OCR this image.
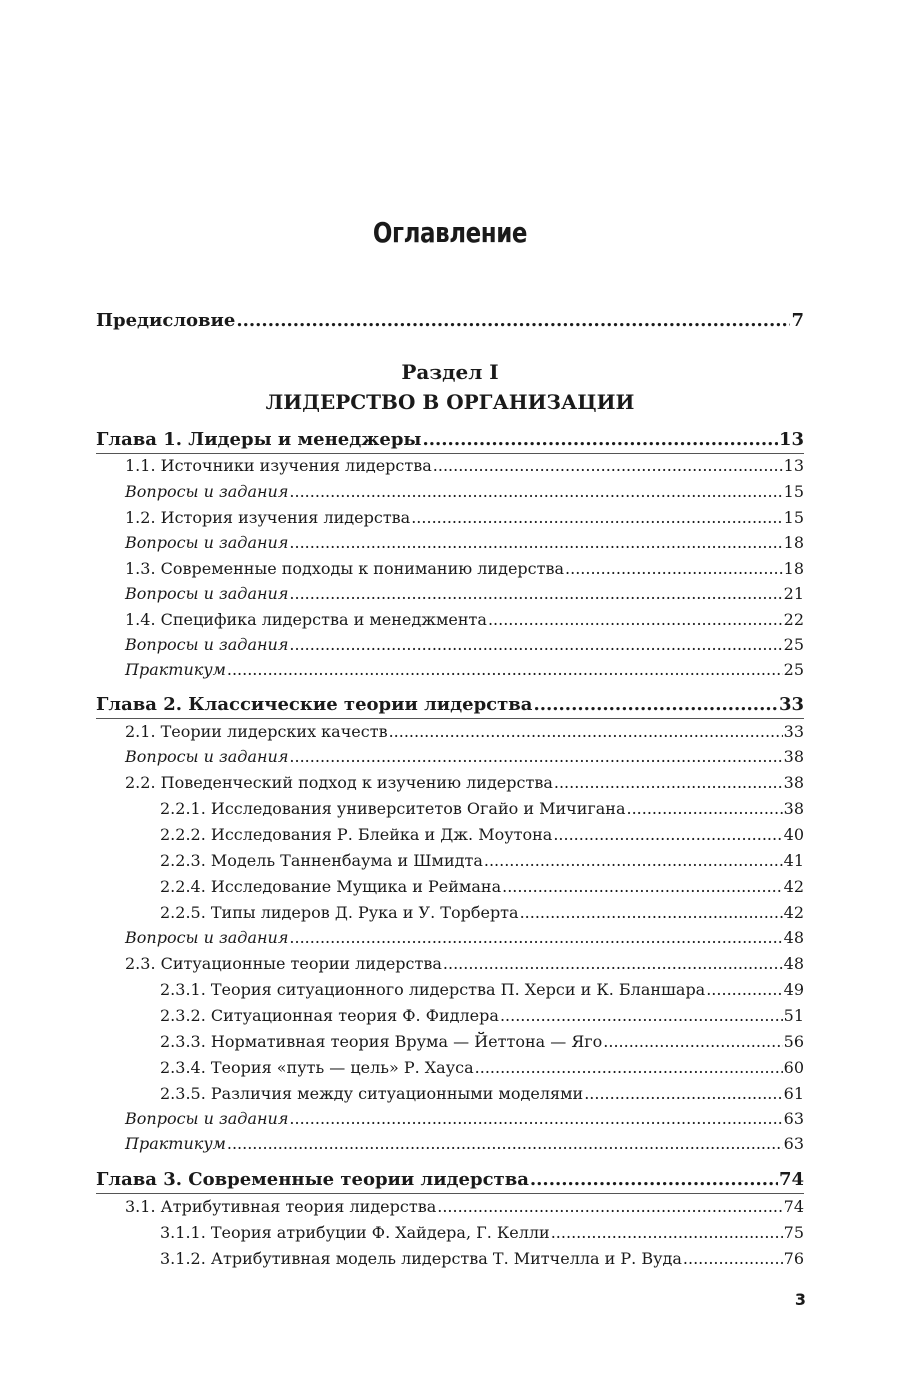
Оглавление
Предисловие .....	7
Раздел I
ЛИДЕРСТВО В ОРГАНИЗАЦИИ
Глава 1. Лидеры и менеджеры .....	13
1.1. Источники изучения лидерства .....	13
Вопросы и задания .....	15
1.2. История изучения лидерства .....	15
Вопросы и задания .....	18
1.3. Современные подходы к пониманию лидерства .....	18
Вопросы и задания .....	21
1.4. Специфика лидерства и менеджмента .....	22
Вопросы и задания .....	25
Практикум .....	25
Глава 2. Классические теории лидерства .....	33
2.1. Теории лидерских качеств .....	33
Вопросы и задания .....	38
2.2. Поведенческий подход к изучению лидерства .....	38
2.2.1. Исследования университетов Огайо и Мичигана .....	38
2.2.2. Исследования Р. Блейка и Дж. Моутона .....	40
2.2.3. Модель Танненбаума и Шмидта .....	41
2.2.4. Исследование Мущика и Реймана .....	42
2.2.5. Типы лидеров Д. Рука и У. Торберта .....	42
Вопросы и задания .....	48
2.3. Ситуационные теории лидерства .....	48
2.3.1. Теория ситуационного лидерства П. Херси и К. Бланшара .....	49
2.3.2. Ситуационная теория Ф. Фидлера .....	51
2.3.3. Нормативная теория Врума — Йеттона — Яго .....	56
2.3.4. Теория «путь — цель» Р. Хауса .....	60
2.3.5. Различия между ситуационными моделями .....	61
Вопросы и задания .....	63
Практикум .....	63
Глава 3. Современные теории лидерства .....	74
3.1. Атрибутивная теория лидерства .....	74
3.1.1. Теория атрибуции Ф. Хайдера, Г. Келли .....	75
3.1.2. Атрибутивная модель лидерства Т. Митчелла и Р. Вуда .....	76
3
